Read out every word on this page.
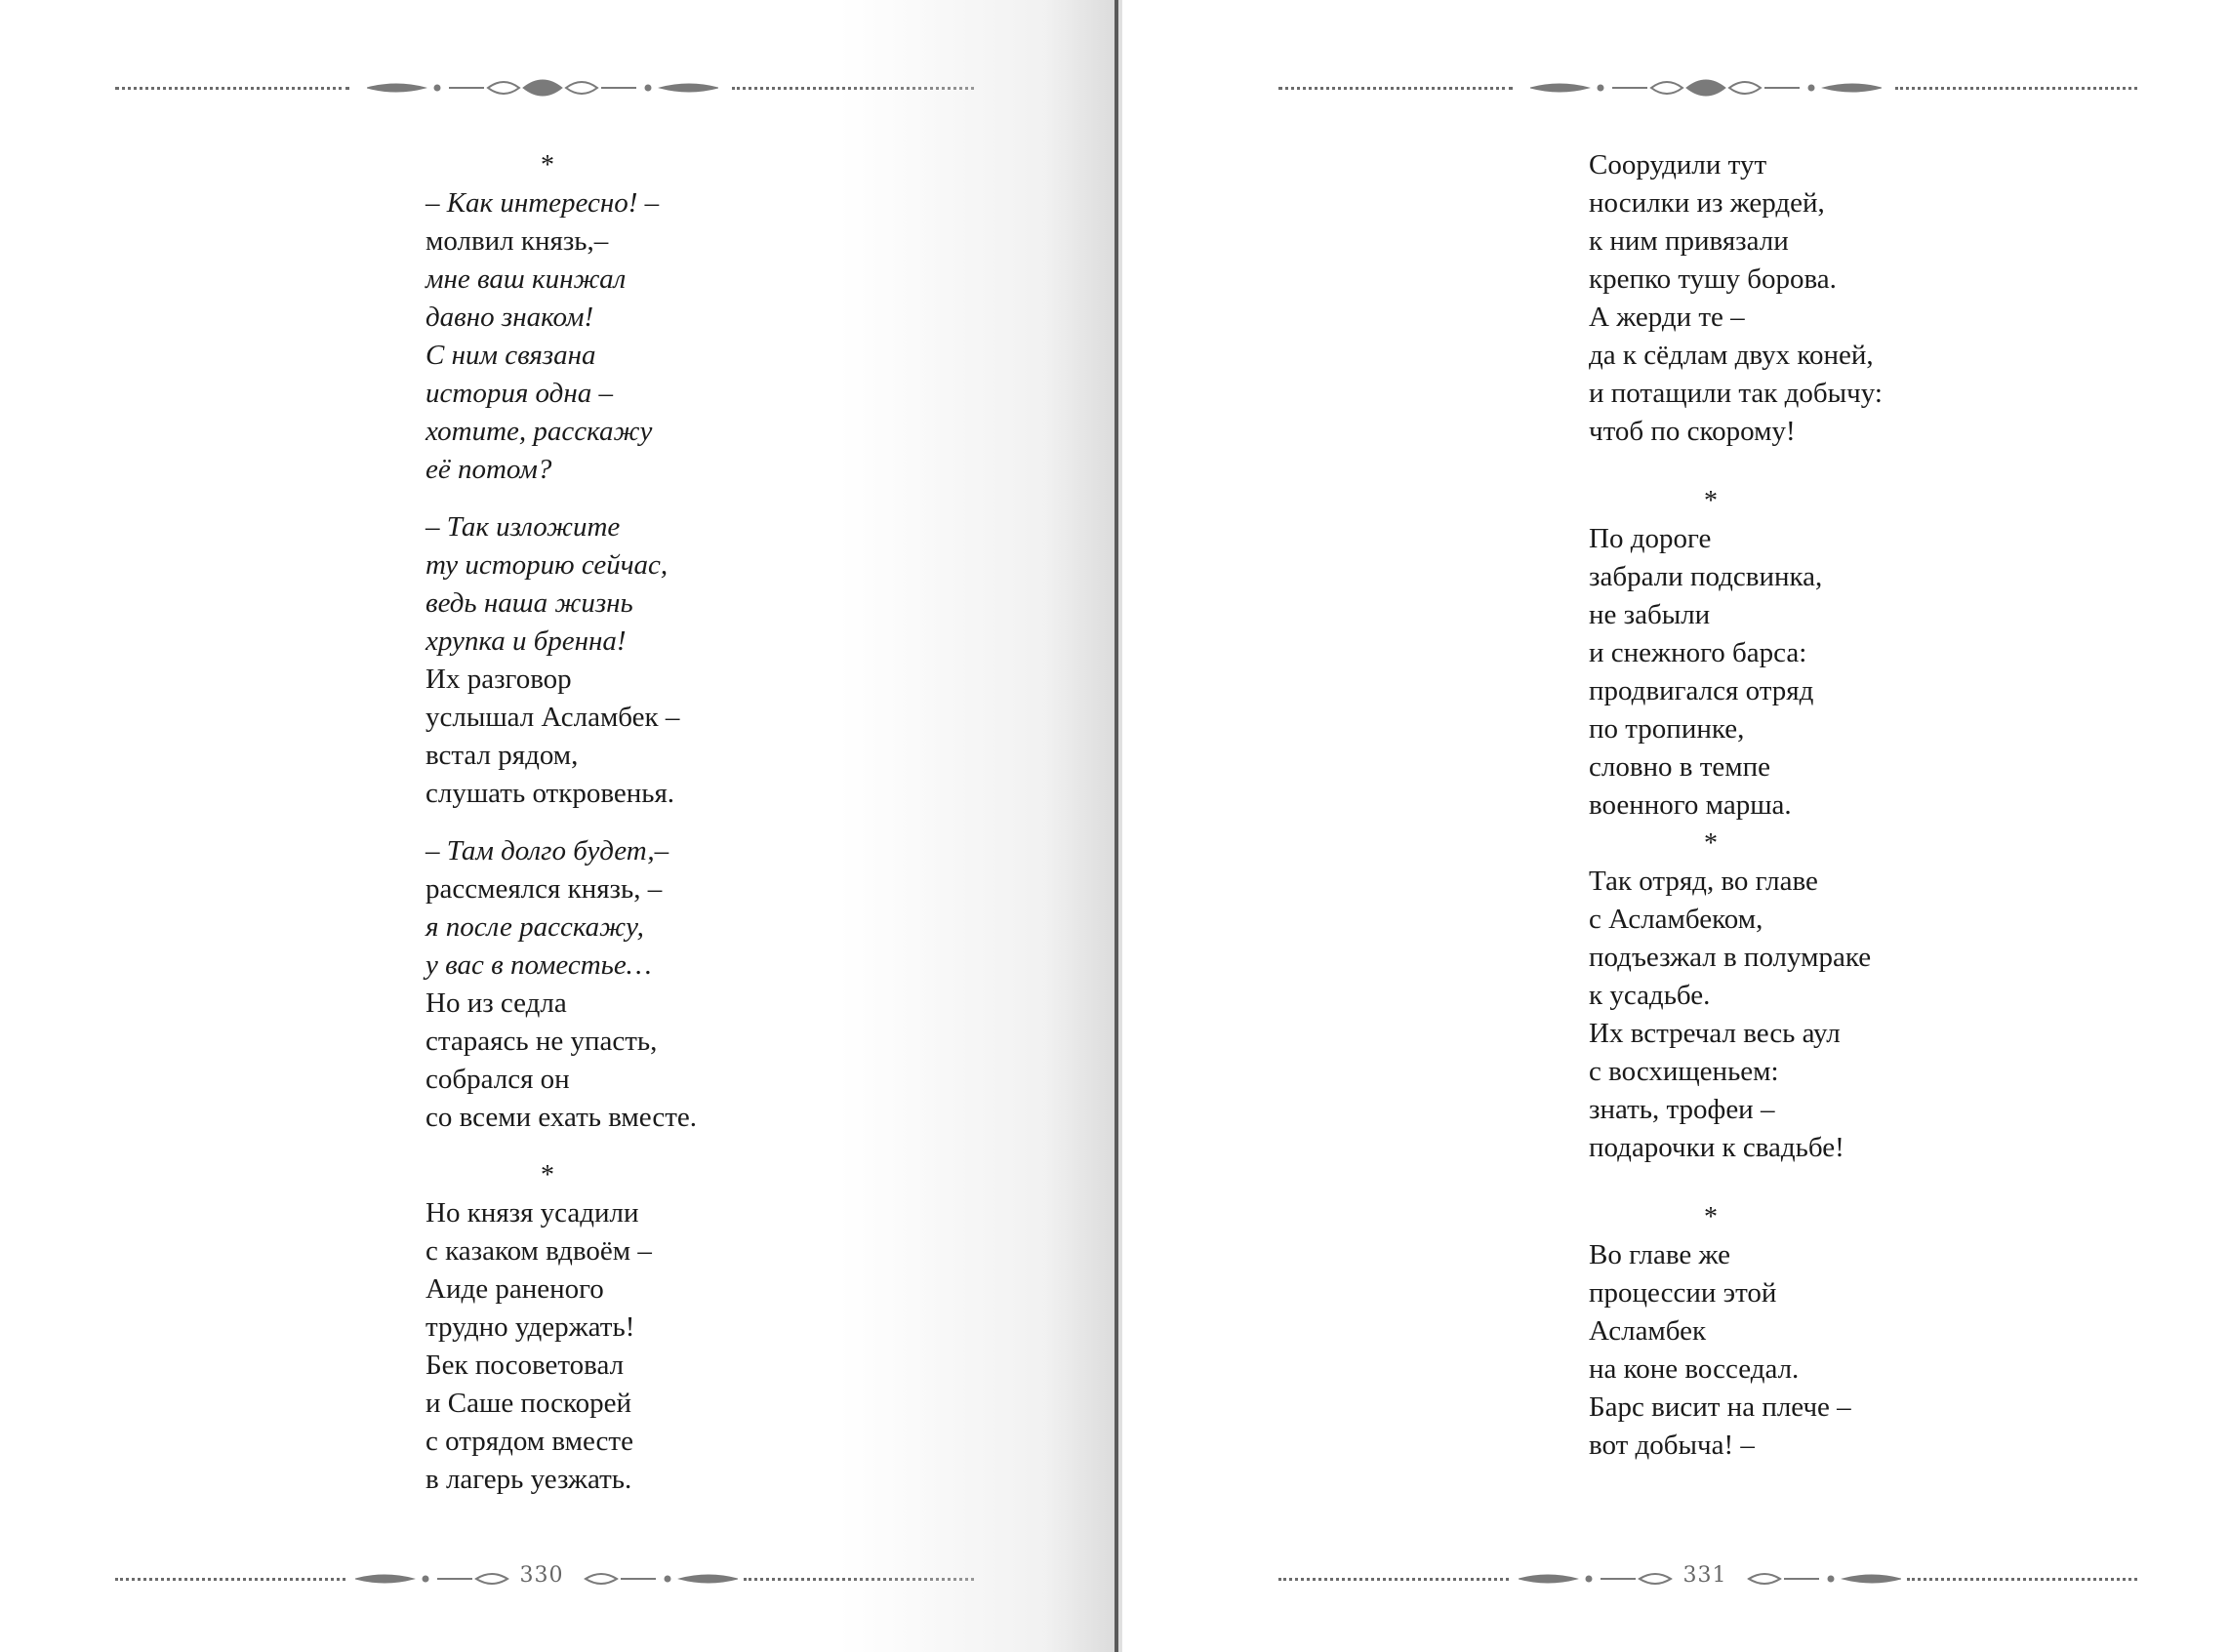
*
– Как интересно! –
молвил князь,–
мне ваш кинжал
давно знаком!
С ним связана
история одна –
хотите, расскажу
её потом?
– Так изложите
ту историю сейчас,
ведь наша жизнь
хрупка и бренна!
Их разговор
услышал Асламбек –
встал рядом,
слушать откровенья.
– Там долго будет,–
рассмеялся князь, –
я после расскажу,
у вас в поместье…
Но из седла
стараясь не упасть,
собрался он
со всеми ехать вместе.
*
Но князя усадили
с казаком вдвоём –
Аиде раненого
трудно удержать!
Бек посоветовал
и Саше поскорей
с отрядом вместе
в лагерь уезжать.
330
Соорудили тут
носилки из жердей,
к ним привязали
крепко тушу борова.
А жерди те –
да к сёдлам двух коней,
и потащили так добычу:
чтоб по скорому!
*
По дороге
забрали подсвинка,
не забыли
и снежного барса:
продвигался отряд
по тропинке,
словно в темпе
военного марша.
*
Так отряд, во главе
с Асламбеком,
подъезжал в полумраке
к усадьбе.
Их встречал весь аул
с восхищеньем:
знать, трофеи –
подарочки к свадьбе!
*
Во главе же
процессии этой
Асламбек
на коне восседал.
Барс висит на плече –
вот добыча! –
331
